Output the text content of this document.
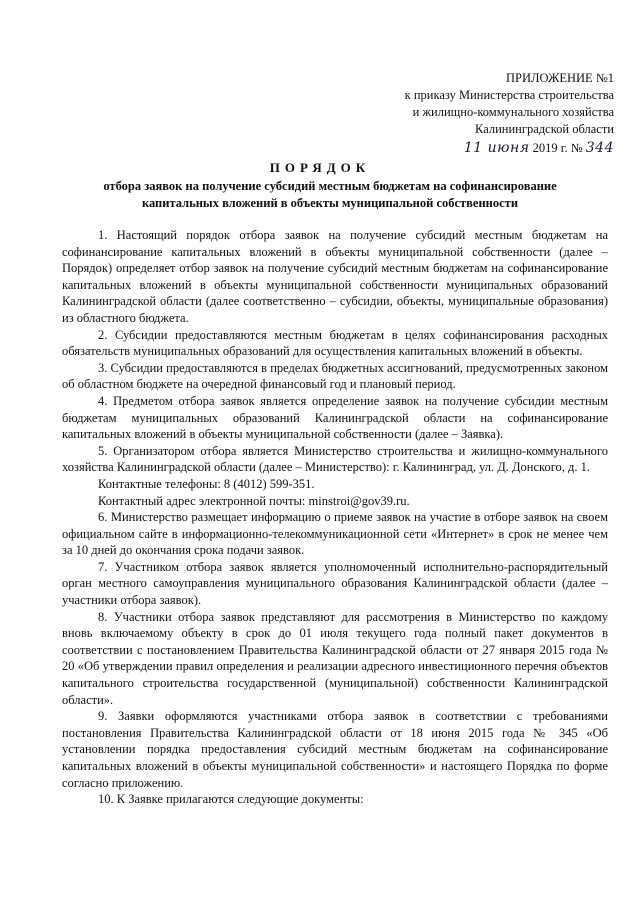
ПРИЛОЖЕНИЕ №1
к приказу Министерства строительства
и жилищно-коммунального хозяйства
Калининградской области
11 июня 2019 г. № 344
ПОРЯДОК
отбора заявок на получение субсидий местным бюджетам на софинансирование капитальных вложений в объекты муниципальной собственности

1. Настоящий порядок отбора заявок на получение субсидий местным бюджетам на софинансирование капитальных вложений в объекты муниципальной собственности (далее – Порядок) определяет отбор заявок на получение субсидий местным бюджетам на софинансирование капитальных вложений в объекты муниципальной собственности муниципальных образований Калининградской области (далее соответственно – субсидии, объекты, муниципальные образования) из областного бюджета.

2. Субсидии предоставляются местным бюджетам в целях софинансирования расходных обязательств муниципальных образований для осуществления капитальных вложений в объекты.

3. Субсидии предоставляются в пределах бюджетных ассигнований, предусмотренных законом об областном бюджете на очередной финансовый год и плановый период.

4. Предметом отбора заявок является определение заявок на получение субсидии местным бюджетам муниципальных образований Калининградской области на софинансирование капитальных вложений в объекты муниципальной собственности (далее – Заявка).

5. Организатором отбора является Министерство строительства и жилищно-коммунального хозяйства Калининградской области (далее – Министерство): г. Калининград, ул. Д. Донского, д. 1.

Контактные телефоны: 8 (4012) 599-351.

Контактный адрес электронной почты: minstroi@gov39.ru.

6. Министерство размещает информацию о приеме заявок на участие в отборе заявок на своем официальном сайте в информационно-телекоммуникационной сети «Интернет» в срок не менее чем за 10 дней до окончания срока подачи заявок.

7. Участником отбора заявок является уполномоченный исполнительно-распорядительный орган местного самоуправления муниципального образования Калининградской области (далее – участники отбора заявок).

8. Участники отбора заявок представляют для рассмотрения в Министерство по каждому вновь включаемому объекту в срок до 01 июля текущего года полный пакет документов в соответствии с постановлением Правительства Калининградской области от 27 января 2015 года № 20 «Об утверждении правил определения и реализации адресного инвестиционного перечня объектов капитального строительства государственной (муниципальной) собственности Калининградской области».

9. Заявки оформляются участниками отбора заявок в соответствии с требованиями постановления Правительства Калининградской области от 18 июня 2015 года № 345 «Об установлении порядка предоставления субсидий местным бюджетам на софинансирование капитальных вложений в объекты муниципальной собственности» и настоящего Порядка по форме согласно приложению.

10. К Заявке прилагаются следующие документы:
